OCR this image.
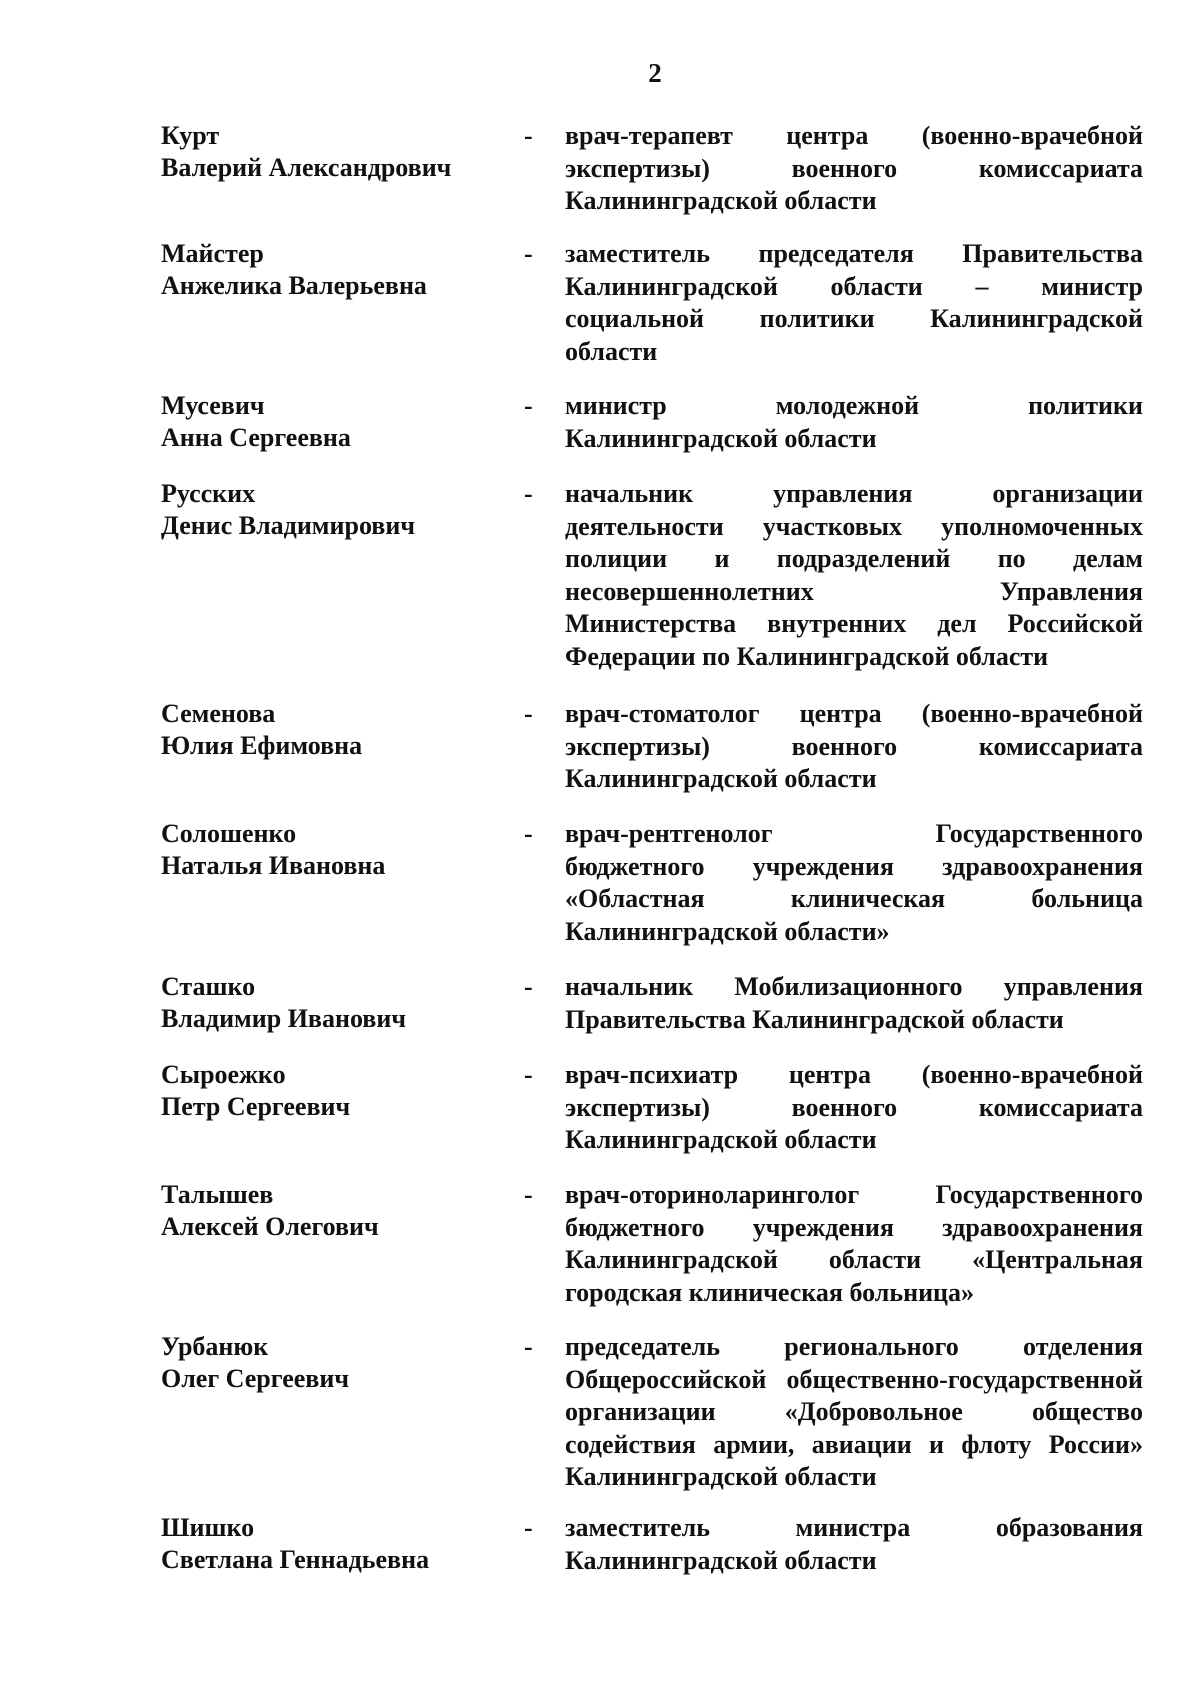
2
Курт
Валерий Александрович
- врач-терапевт центра (военно-врачебной
экспертизы) военного комиссариата
Калининградской области
Майстер
Анжелика Валерьевна
- заместитель председателя Правительства
Калининградской области – министр
социальной политики Калининградской
области
Мусевич
Анна Сергеевна
- министр молодежной политики
Калининградской области
Русских
Денис Владимирович
- начальник управления организации
деятельности участковых уполномоченных
полиции и подразделений по делам
несовершеннолетних Управления
Министерства внутренних дел Российской
Федерации по Калининградской области
Семенова
Юлия Ефимовна
- врач-стоматолог центра (военно-врачебной
экспертизы) военного комиссариата
Калининградской области
Солошенко
Наталья Ивановна
- врач-рентгенолог Государственного
бюджетного учреждения здравоохранения
«Областная клиническая больница
Калининградской области»
Сташко
Владимир Иванович
- начальник Мобилизационного управления
Правительства Калининградской области
Сыроежко
Петр Сергеевич
- врач-психиатр центра (военно-врачебной
экспертизы) военного комиссариата
Калининградской области
Талышев
Алексей Олегович
- врач-оториноларинголог Государственного
бюджетного учреждения здравоохранения
Калининградской области «Центральная
городская клиническая больница»
Урбанюк
Олег Сергеевич
- председатель регионального отделения
Общероссийской общественно-государственной
организации «Добровольное общество
содействия армии, авиации и флоту России»
Калининградской области
Шишко
Светлана Геннадьевна
- заместитель министра образования
Калининградской области
